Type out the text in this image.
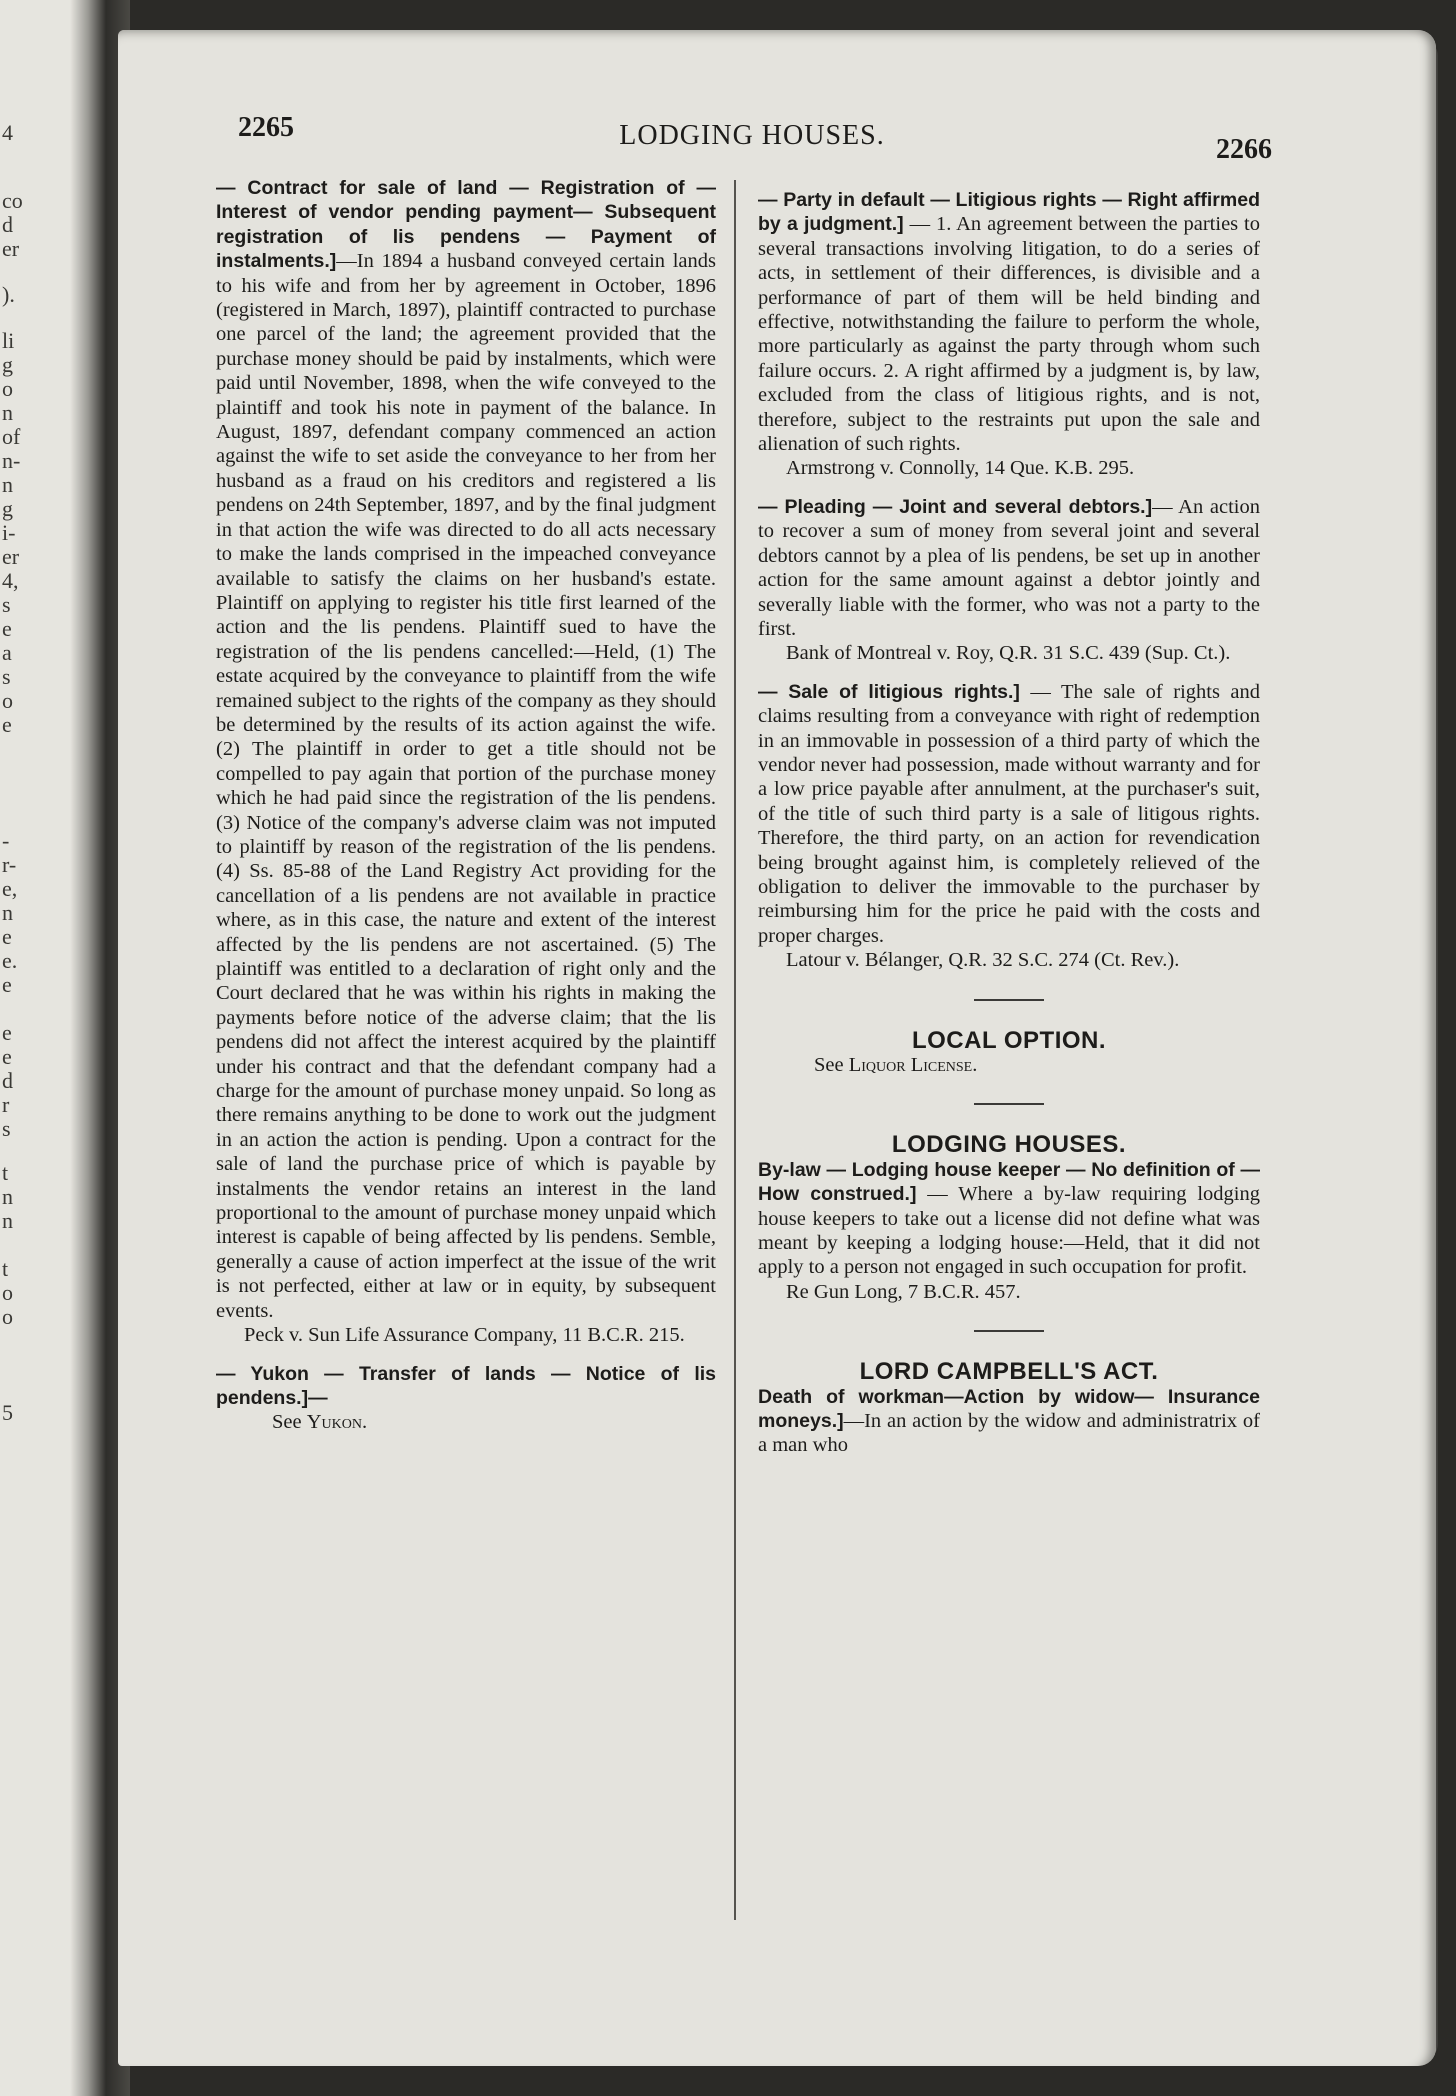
4
co
d
er
).
li
g
o
n
of
n-
n
g
i-
er
4,
s
e
a
s
o
e
-
r-
e,
n
e
e.
e
e
e
d
r
s
t
n
n
t
o
o
5
2265	LODGING HOUSES.	2266

— Contract for sale of land — Registration of — Interest of vendor pending payment— Subsequent registration of lis pendens — Payment of instalments.]—In 1894 a husband conveyed certain lands to his wife and from her by agreement in October, 1896 (registered in March, 1897), plaintiff contracted to purchase one parcel of the land; the agreement provided that the purchase money should be paid by instalments, which were paid until November, 1898, when the wife conveyed to the plaintiff and took his note in payment of the balance. In August, 1897, defendant company commenced an action against the wife to set aside the conveyance to her from her husband as a fraud on his creditors and registered a lis pendens on 24th September, 1897, and by the final judgment in that action the wife was directed to do all acts necessary to make the lands comprised in the impeached conveyance available to satisfy the claims on her husband's estate. Plaintiff on applying to register his title first learned of the action and the lis pendens. Plaintiff sued to have the registration of the lis pendens cancelled:—Held, (1) The estate acquired by the conveyance to plaintiff from the wife remained subject to the rights of the company as they should be determined by the results of its action against the wife. (2) The plaintiff in order to get a title should not be compelled to pay again that portion of the purchase money which he had paid since the registration of the lis pendens. (3) Notice of the company's adverse claim was not imputed to plaintiff by reason of the registration of the lis pendens. (4) Ss. 85-88 of the Land Registry Act providing for the cancellation of a lis pendens are not available in practice where, as in this case, the nature and extent of the interest affected by the lis pendens are not ascertained. (5) The plaintiff was entitled to a declaration of right only and the Court declared that he was within his rights in making the payments before notice of the adverse claim; that the lis pendens did not affect the interest acquired by the plaintiff under his contract and that the defendant company had a charge for the amount of purchase money unpaid. So long as there remains anything to be done to work out the judgment in an action the action is pending. Upon a contract for the sale of land the purchase price of which is payable by instalments the vendor retains an interest in the land proportional to the amount of purchase money unpaid which interest is capable of being affected by lis pendens. Semble, generally a cause of action imperfect at the issue of the writ is not perfected, either at law or in equity, by subsequent events.

Peck v. Sun Life Assurance Company, 11 B.C.R. 215.

— Yukon — Transfer of lands — Notice of lis pendens.]—

See Yukon.

— Party in default — Litigious rights — Right affirmed by a judgment.] — 1. An agreement between the parties to several transactions involving litigation, to do a series of acts, in settlement of their differences, is divisible and a performance of part of them will be held binding and effective, notwithstanding the failure to perform the whole, more particularly as against the party through whom such failure occurs. 2. A right affirmed by a judgment is, by law, excluded from the class of litigious rights, and is not, therefore, subject to the restraints put upon the sale and alienation of such rights.

Armstrong v. Connolly, 14 Que. K.B. 295.

— Pleading — Joint and several debtors.]— An action to recover a sum of money from several joint and several debtors cannot by a plea of lis pendens, be set up in another action for the same amount against a debtor jointly and severally liable with the former, who was not a party to the first.

Bank of Montreal v. Roy, Q.R. 31 S.C. 439 (Sup. Ct.).

— Sale of litigious rights.] — The sale of rights and claims resulting from a conveyance with right of redemption in an immovable in possession of a third party of which the vendor never had possession, made without warranty and for a low price payable after annulment, at the purchaser's suit, of the title of such third party is a sale of litigous rights. Therefore, the third party, on an action for revendication being brought against him, is completely relieved of the obligation to deliver the immovable to the purchaser by reimbursing him for the price he paid with the costs and proper charges.

Latour v. Bélanger, Q.R. 32 S.C. 274 (Ct. Rev.).

LOCAL OPTION.

See Liquor License.

LODGING HOUSES.

By-law — Lodging house keeper — No definition of — How construed.] — Where a by-law requiring lodging house keepers to take out a license did not define what was meant by keeping a lodging house:—Held, that it did not apply to a person not engaged in such occupation for profit.

Re Gun Long, 7 B.C.R. 457.

LORD CAMPBELL'S ACT.

Death of workman—Action by widow— Insurance moneys.]—In an action by the widow and administratrix of a man who
